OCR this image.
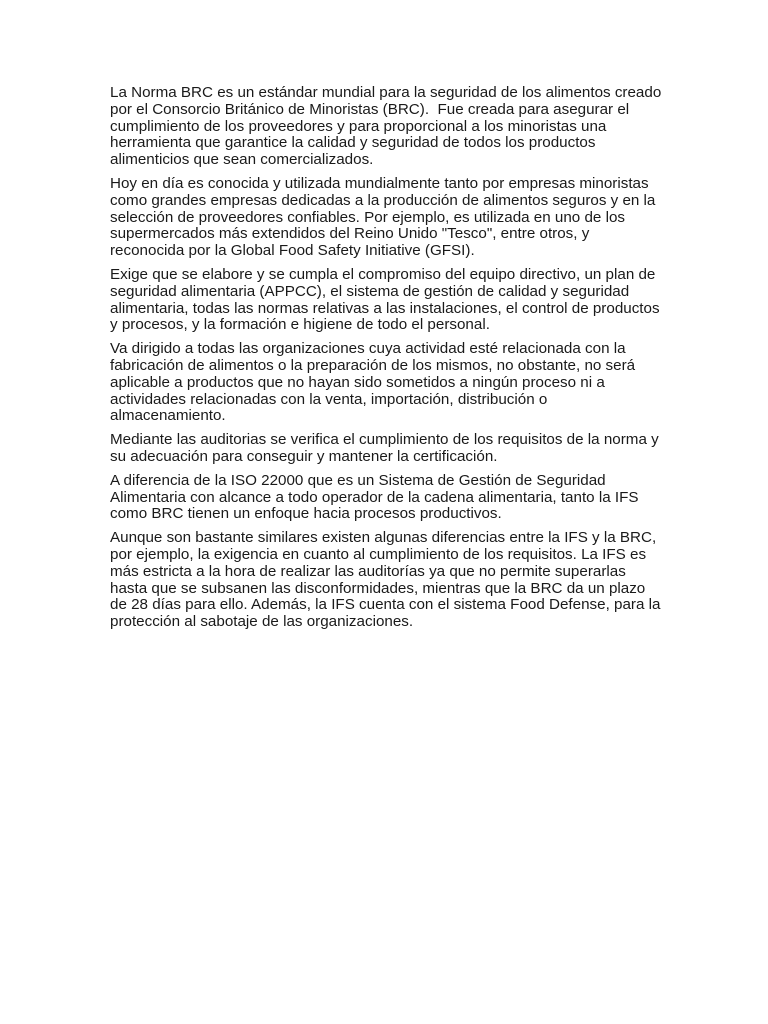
La Norma BRC es un estándar mundial para la seguridad de los alimentos creado por el Consorcio Británico de Minoristas (BRC).  Fue creada para asegurar el cumplimiento de los proveedores y para proporcional a los minoristas una herramienta que garantice la calidad y seguridad de todos los productos alimenticios que sean comercializados.

Hoy en día es conocida y utilizada mundialmente tanto por empresas minoristas como grandes empresas dedicadas a la producción de alimentos seguros y en la selección de proveedores confiables. Por ejemplo, es utilizada en uno de los supermercados más extendidos del Reino Unido "Tesco", entre otros, y reconocida por la Global Food Safety Initiative (GFSI).

Exige que se elabore y se cumpla el compromiso del equipo directivo, un plan de seguridad alimentaria (APPCC), el sistema de gestión de calidad y seguridad alimentaria, todas las normas relativas a las instalaciones, el control de productos y procesos, y la formación e higiene de todo el personal.

Va dirigido a todas las organizaciones cuya actividad esté relacionada con la fabricación de alimentos o la preparación de los mismos, no obstante, no será aplicable a productos que no hayan sido sometidos a ningún proceso ni a actividades relacionadas con la venta, importación, distribución o almacenamiento.

Mediante las auditorias se verifica el cumplimiento de los requisitos de la norma y su adecuación para conseguir y mantener la certificación.

A diferencia de la ISO 22000 que es un Sistema de Gestión de Seguridad Alimentaria con alcance a todo operador de la cadena alimentaria, tanto la IFS como BRC tienen un enfoque hacia procesos productivos.

Aunque son bastante similares existen algunas diferencias entre la IFS y la BRC, por ejemplo, la exigencia en cuanto al cumplimiento de los requisitos. La IFS es más estricta a la hora de realizar las auditorías ya que no permite superarlas hasta que se subsanen las disconformidades, mientras que la BRC da un plazo de 28 días para ello. Además, la IFS cuenta con el sistema Food Defense, para la protección al sabotaje de las organizaciones.
